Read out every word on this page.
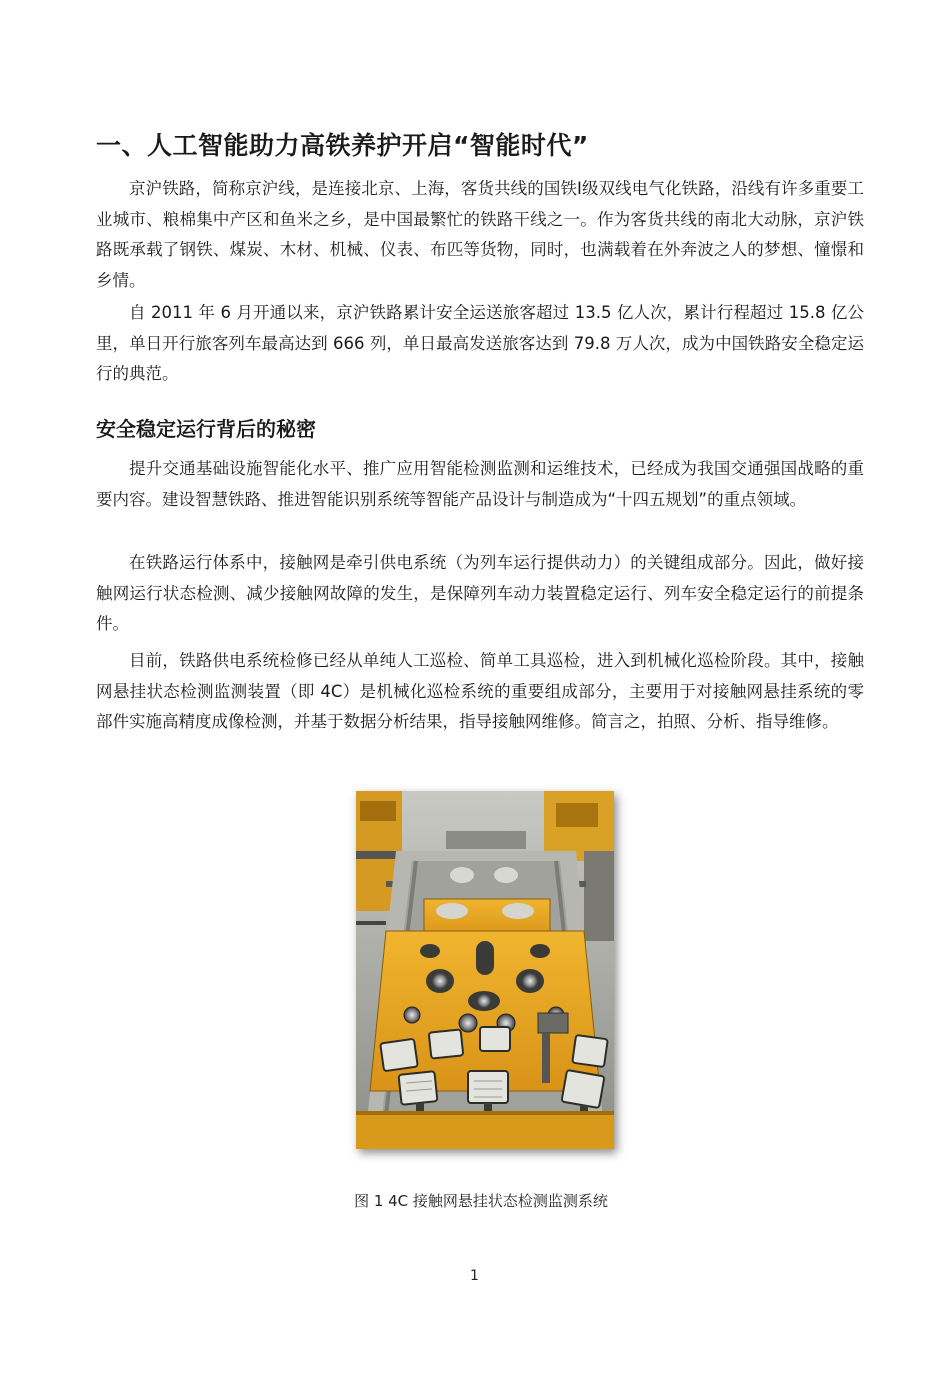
一、人工智能助力高铁养护开启“智能时代”

京沪铁路，简称京沪线，是连接北京、上海，客货共线的国铁Ⅰ级双线电气化铁路，沿线有许多重要工业城市、粮棉集中产区和鱼米之乡，是中国最繁忙的铁路干线之一。作为客货共线的南北大动脉，京沪铁路既承载了钢铁、煤炭、木材、机械、仪表、布匹等货物，同时，也满载着在外奔波之人的梦想、憧憬和乡情。

自 2011 年 6 月开通以来，京沪铁路累计安全运送旅客超过 13.5 亿人次，累计行程超过 15.8 亿公里，单日开行旅客列车最高达到 666 列，单日最高发送旅客达到 79.8 万人次，成为中国铁路安全稳定运行的典范。

安全稳定运行背后的秘密

提升交通基础设施智能化水平、推广应用智能检测监测和运维技术，已经成为我国交通强国战略的重要内容。建设智慧铁路、推进智能识别系统等智能产品设计与制造成为“十四五规划”的重点领域。

在铁路运行体系中，接触网是牵引供电系统（为列车运行提供动力）的关键组成部分。因此，做好接触网运行状态检测、减少接触网故障的发生，是保障列车动力装置稳定运行、列车安全稳定运行的前提条件。

目前，铁路供电系统检修已经从单纯人工巡检、简单工具巡检，进入到机械化巡检阶段。其中，接触网悬挂状态检测监测装置（即 4C）是机械化巡检系统的重要组成部分，主要用于对接触网悬挂系统的零部件实施高精度成像检测，并基于数据分析结果，指导接触网维修。简言之，拍照、分析、指导维修。

图 1 4C 接触网悬挂状态检测监测系统
1
